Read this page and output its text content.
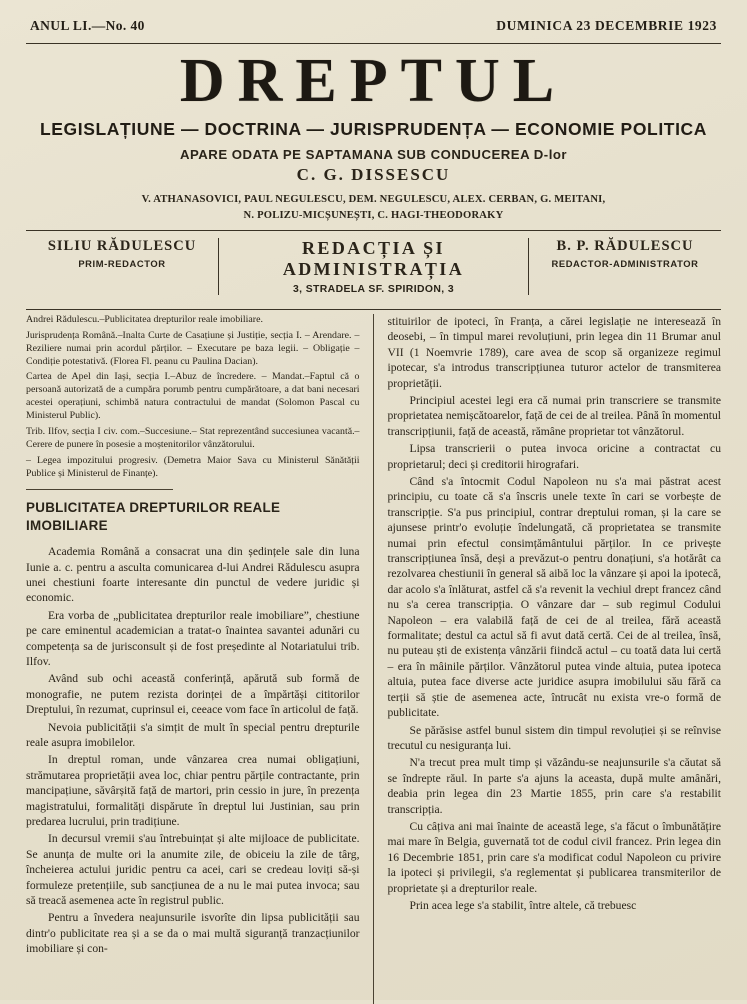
ANUL LI.—No. 40	DUMINICA 23 DECEMBRIE 1923
DREPTUL
LEGISLAȚIUNE — DOCTRINA — JURISPRUDENȚA — ECONOMIE POLITICA
APARE ODATA PE SAPTAMANA SUB CONDUCEREA D-lor
C. G. DISSESCU
V. ATHANASOVICI, PAUL NEGULESCU, DEM. NEGULESCU, ALEX. CERBAN, G. MEITANI,
N. POLIZU-MICȘUNEȘTI, C. HAGI-THEODORAKY
SILIU RĂDULESCU
PRIM-REDACTOR
REDACȚIA ȘI ADMINISTRAȚIA
3, STRADELA SF. SPIRIDON, 3
B. P. RĂDULESCU
REDACTOR-ADMINISTRATOR

Andrei Rădulescu.–Publicitatea drepturilor reale imobiliare.

Jurisprudența Română.–Inalta Curte de Casațiune și Justiție, secția I. – Arendare. – Reziliere numai prin acordul părților. – Executare pe baza legii. – Obligație – Condiție potestativă. (Florea Fl. peanu cu Paulina Dacian).

Cartea de Apel din Iași, secția I.–Abuz de încredere. – Mandat.–Faptul că o persoană autorizată de a cumpăra porumb pentru cumpărătoare, a dat bani necesari acestei operațiuni, schimbă natura contractului de mandat (Solomon Pascal cu Ministerul Public).

Trib. Ilfov, secția I civ. com.–Succesiune.– Stat reprezentând succesiunea vacantă.– Cerere de punere în posesie a moștenitorilor vânzătorului.

– Legea impozitului progresiv. (Demetra Maior Sava cu Ministerul Sănătății Publice și Ministerul de Finanțe).

PUBLICITATEA DREPTURILOR REALE IMOBILIARE

Academia Română a consacrat una din ședințele sale din luna Iunie a. c. pentru a asculta comunicarea d-lui Andrei Rădulescu asupra unei chestiuni foarte interesante din punctul de vedere juridic și economic.

Era vorba de „publicitatea drepturilor reale imobiliare”, chestiune pe care eminentul academician a tratat-o înaintea savantei adunări cu competența sa de jurisconsult și de fost președinte al Notariatului trib. Ilfov.

Având sub ochi această conferință, apărută sub formă de monografie, ne putem rezista dorinței de a împărtăși cititorilor Dreptului, în rezumat, cuprinsul ei, ceeace vom face în articolul de față.

Nevoia publicității s'a simțit de mult în special pentru drepturile reale asupra imobilelor.

In dreptul roman, unde vânzarea crea numai obligațiuni, strămutarea proprietății avea loc, chiar pentru părțile contractante, prin mancipațiune, săvârșită față de martori, prin cessio in jure, în prezența magistratului, formalități dispărute în dreptul lui Justinian, sau prin predarea lucrului, prin tradițiune.

In decursul vremii s'au întrebuințat și alte mijloace de publicitate. Se anunța de multe ori la anumite zile, de obiceiu la zile de târg, încheierea actului juridic pentru ca acei, cari se credeau loviți să-și formuleze pretențiile, sub sancțiunea de a nu le mai putea invoca; sau să treacă asemenea acte în registrul public.

Pentru a învedera neajunsurile isvorîte din lipsa publicității sau dintr'o publicitate rea și a se da o mai multă siguranță tranzacțiunilor imobiliare și con-

stituirilor de ipoteci, în Franța, a cărei legislație ne interesează în deosebi, – în timpul marei revoluțiuni, prin legea din 11 Brumar anul VII (1 Noemvrie 1789), care avea de scop să organizeze regimul ipotecar, s'a introdus transcripțiunea tuturor actelor de transmiterea proprietății.

Principiul acestei legi era că numai prin transcriere se transmite proprietatea nemișcătoarelor, față de cei de al treilea. Până în momentul transcripțiunii, față de această, rămâne proprietar tot vânzătorul.

Lipsa transcrierii o putea invoca oricine a contractat cu proprietarul; deci și creditorii hirografari.

Când s'a întocmit Codul Napoleon nu s'a mai păstrat acest principiu, cu toate că s'a înscris unele texte în cari se vorbește de transcripție. S'a pus principiul, contrar dreptului roman, și la care se ajunsese printr'o evoluție îndelungată, că proprietatea se transmite numai prin efectul consimțământului părților. In ce privește transcripțiunea însă, deși a prevăzut-o pentru donațiuni, s'a hotărât ca rezolvarea chestiunii în general să aibă loc la vânzare și apoi la ipotecă, dar acolo s'a înlăturat, astfel că s'a revenit la vechiul drept francez când nu s'a cerea transcripția. O vânzare dar – sub regimul Codului Napoleon – era valabilă față de cei de al treilea, fără această formalitate; destul ca actul să fi avut dată certă. Cei de al treilea, însă, nu puteau ști de existența vânzării fiindcă actul – cu toată data lui certă – era în mâinile părților. Vânzătorul putea vinde altuia, putea ipoteca altuia, putea face diverse acte juridice asupra imobilului său fără ca terții să știe de asemenea acte, întrucât nu exista vre-o formă de publicitate.

Se părăsise astfel bunul sistem din timpul revoluției și se reînvise trecutul cu nesiguranța lui.

N'a trecut prea mult timp și văzându-se neajunsurile s'a căutat să se îndrepte răul. In parte s'a ajuns la aceasta, după multe amânări, deabia prin legea din 23 Martie 1855, prin care s'a restabilit transcripția.

Cu câțiva ani mai înainte de această lege, s'a făcut o îmbunătățire mai mare în Belgia, guvernată tot de codul civil francez. Prin legea din 16 Decembrie 1851, prin care s'a modificat codul Napoleon cu privire la ipoteci și privilegii, s'a reglementat și publicarea transmiterilor de proprietate și a drepturilor reale.

Prin acea lege s'a stabilit, între altele, că trebuesc
